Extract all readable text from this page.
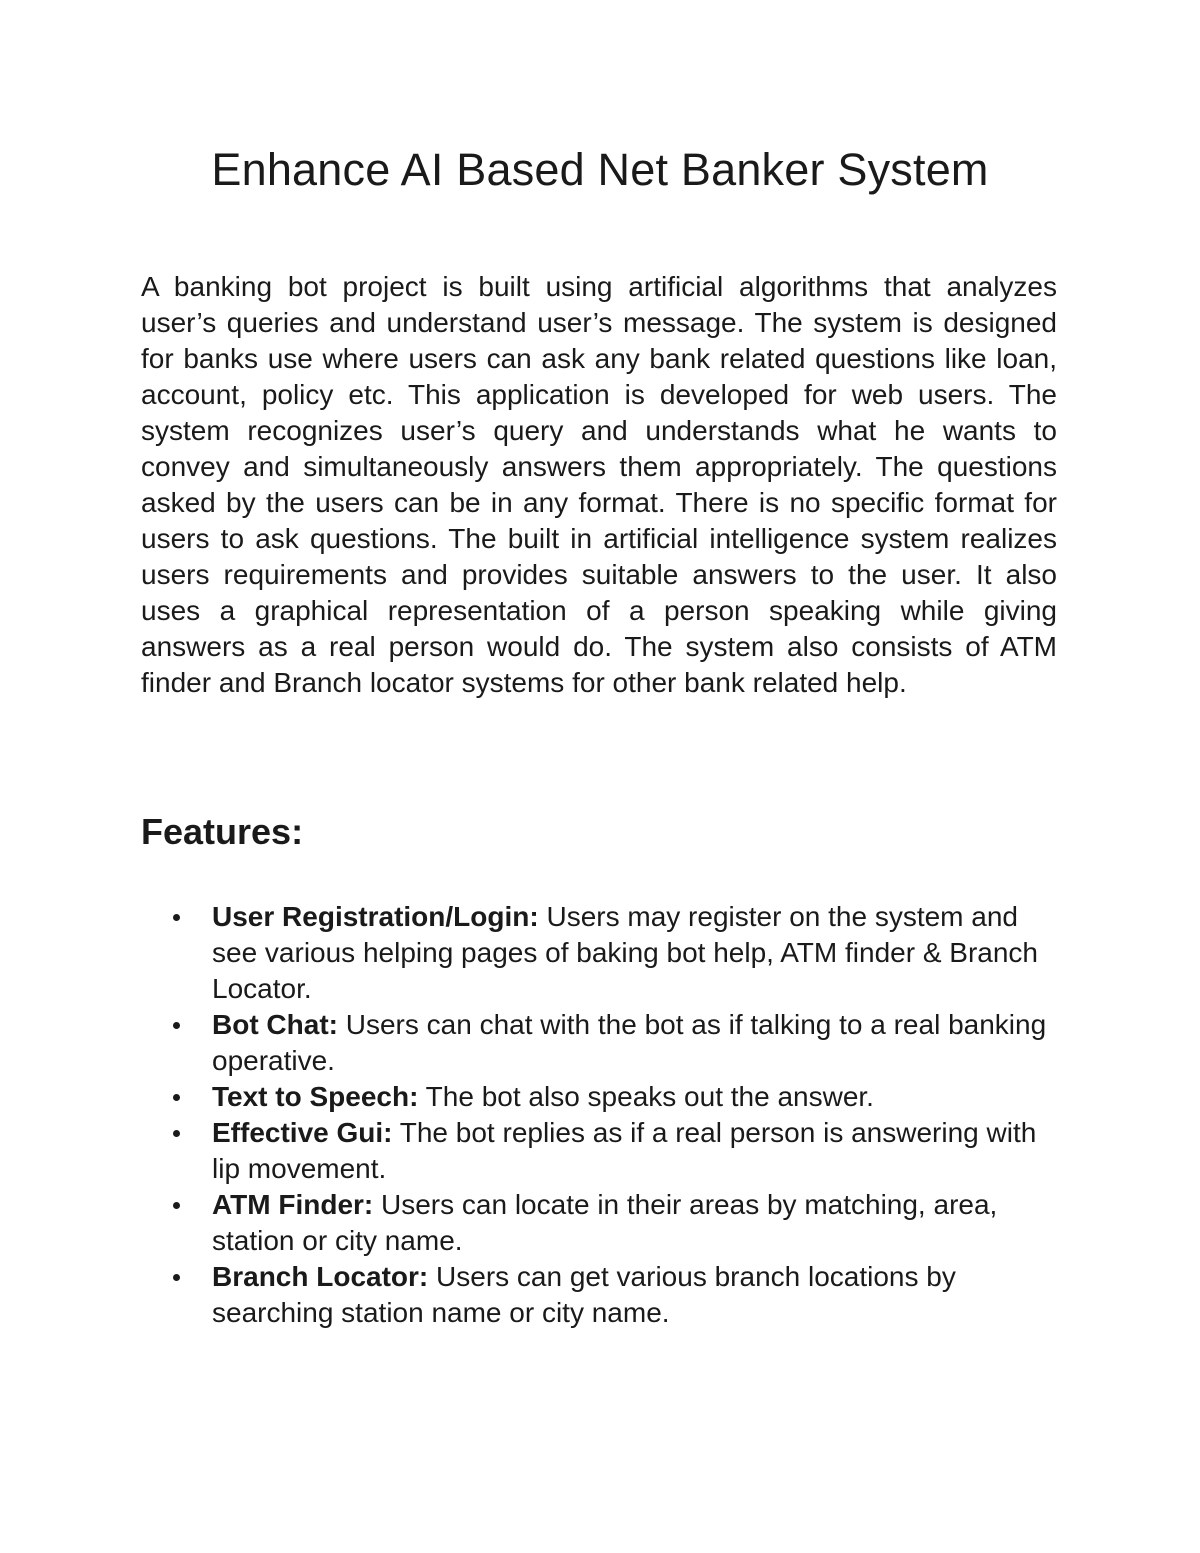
Enhance AI Based Net Banker System

A banking bot project is built using artificial algorithms that analyzes user’s queries and understand user’s message. The system is designed for banks use where users can ask any bank related questions like loan, account, policy etc. This application is developed for web users. The system recognizes user’s query and understands what he wants to convey and simultaneously answers them appropriately. The questions asked by the users can be in any format. There is no specific format for users to ask questions. The built in artificial intelligence system realizes users requirements and provides suitable answers to the user. It also uses a graphical representation of a person speaking while giving answers as a real person would do. The system also consists of ATM finder and Branch locator systems for other bank related help.

Features:
User Registration/Login: Users may register on the system and see various helping pages of baking bot help, ATM finder & Branch Locator.
Bot Chat: Users can chat with the bot as if talking to a real banking operative.
Text to Speech: The bot also speaks out the answer.
Effective Gui: The bot replies as if a real person is answering with lip movement.
ATM Finder: Users can locate in their areas by matching, area, station or city name.
Branch Locator: Users can get various branch locations by searching station name or city name.
